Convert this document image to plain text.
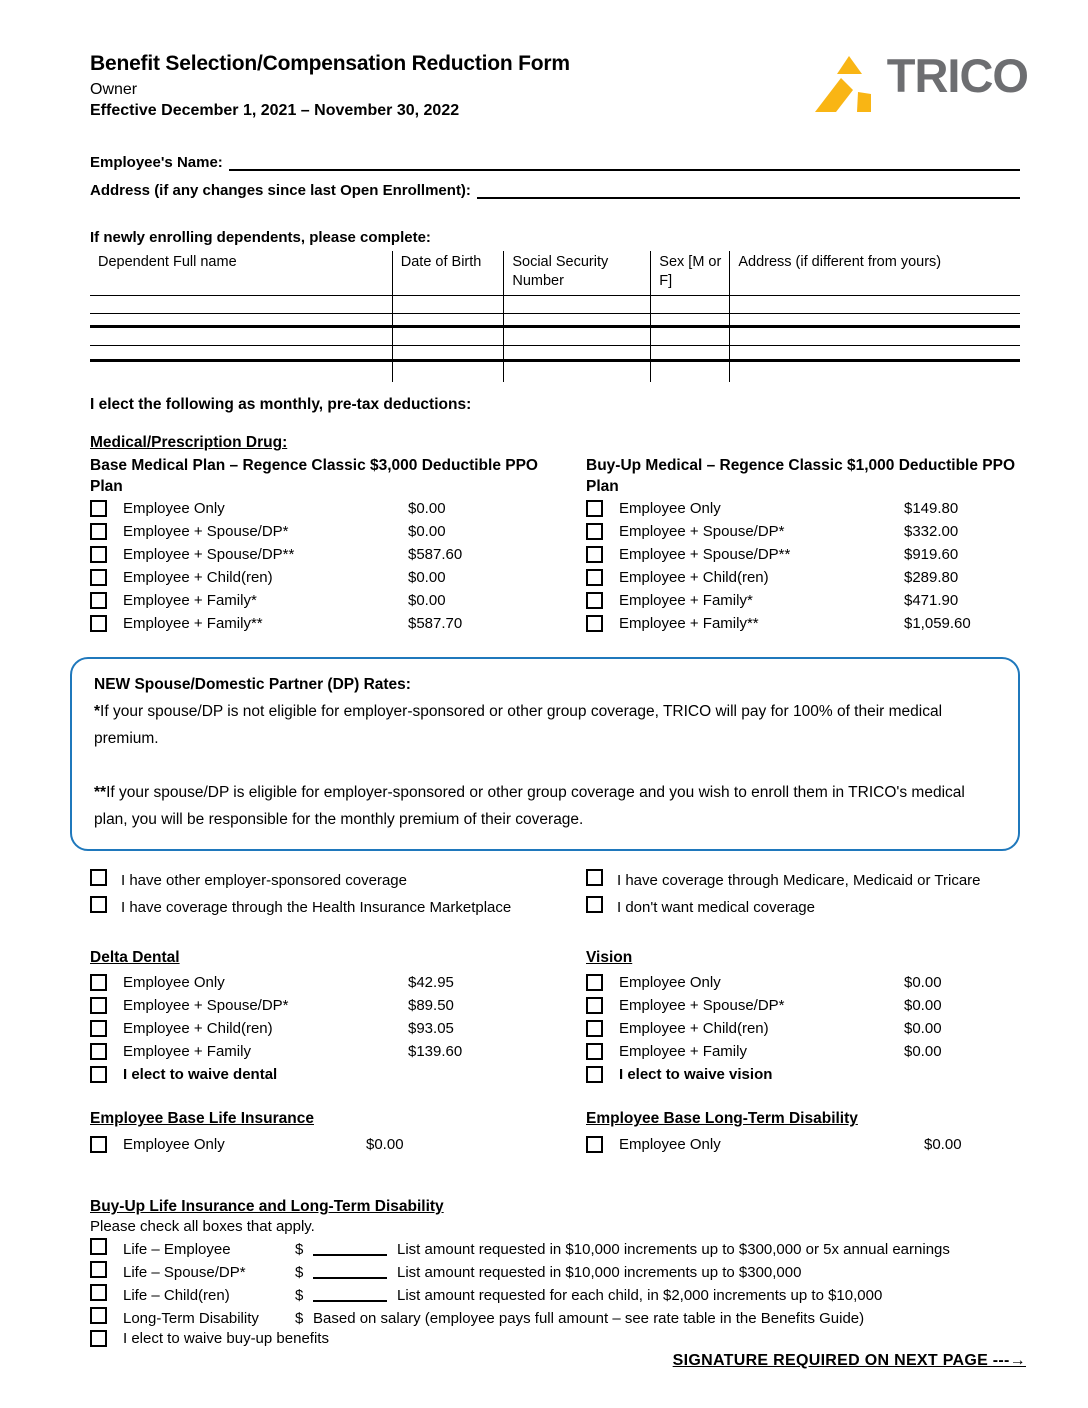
Benefit Selection/Compensation Reduction Form
Owner
Effective December 1, 2021 – November 30, 2022
TRICO
Employee's Name:
Address (if any changes since last Open Enrollment):
If newly enrolling dependents, please complete:
Dependent Full name	Date of Birth	Social Security Number	Sex [M or F]	Address (if different from yours)

I elect the following as monthly, pre-tax deductions:
Medical/Prescription Drug:
Base Medical Plan – Regence Classic $3,000 Deductible PPO Plan
Employee Only	$0.00
Employee + Spouse/DP*	$0.00
Employee + Spouse/DP**	$587.60
Employee + Child(ren)	$0.00
Employee + Family*	$0.00
Employee + Family**	$587.70
Buy-Up Medical – Regence Classic $1,000 Deductible PPO Plan
Employee Only	$149.80
Employee + Spouse/DP*	$332.00
Employee + Spouse/DP**	$919.60
Employee + Child(ren)	$289.80
Employee + Family*	$471.90
Employee + Family**	$1,059.60
NEW Spouse/Domestic Partner (DP) Rates:
*If your spouse/DP is not eligible for employer-sponsored or other group coverage, TRICO will pay for 100% of their medical premium.
**If your spouse/DP is eligible for employer-sponsored or other group coverage and you wish to enroll them in TRICO's medical plan, you will be responsible for the monthly premium of their coverage.
I have other employer-sponsored coverage
I have coverage through the Health Insurance Marketplace
I have coverage through Medicare, Medicaid or Tricare
I don't want medical coverage
Delta Dental
Employee Only	$42.95
Employee + Spouse/DP*	$89.50
Employee + Child(ren)	$93.05
Employee + Family	$139.60
I elect to waive dental
Vision
Employee Only	$0.00
Employee + Spouse/DP*	$0.00
Employee + Child(ren)	$0.00
Employee + Family	$0.00
I elect to waive vision
Employee Base Life Insurance
Employee Only	$0.00
Employee Base Long-Term Disability
Employee Only	$0.00
Buy-Up Life Insurance and Long-Term Disability
Please check all boxes that apply.
Life – Employee	$	List amount requested in $10,000 increments up to $300,000 or 5x annual earnings
Life – Spouse/DP*	$	List amount requested in $10,000 increments up to $300,000
Life – Child(ren)	$	List amount requested for each child, in $2,000 increments up to $10,000
Long-Term Disability	$ Based on salary (employee pays full amount – see rate table in the Benefits Guide)
I elect to waive buy-up benefits
SIGNATURE REQUIRED ON NEXT PAGE ---→
